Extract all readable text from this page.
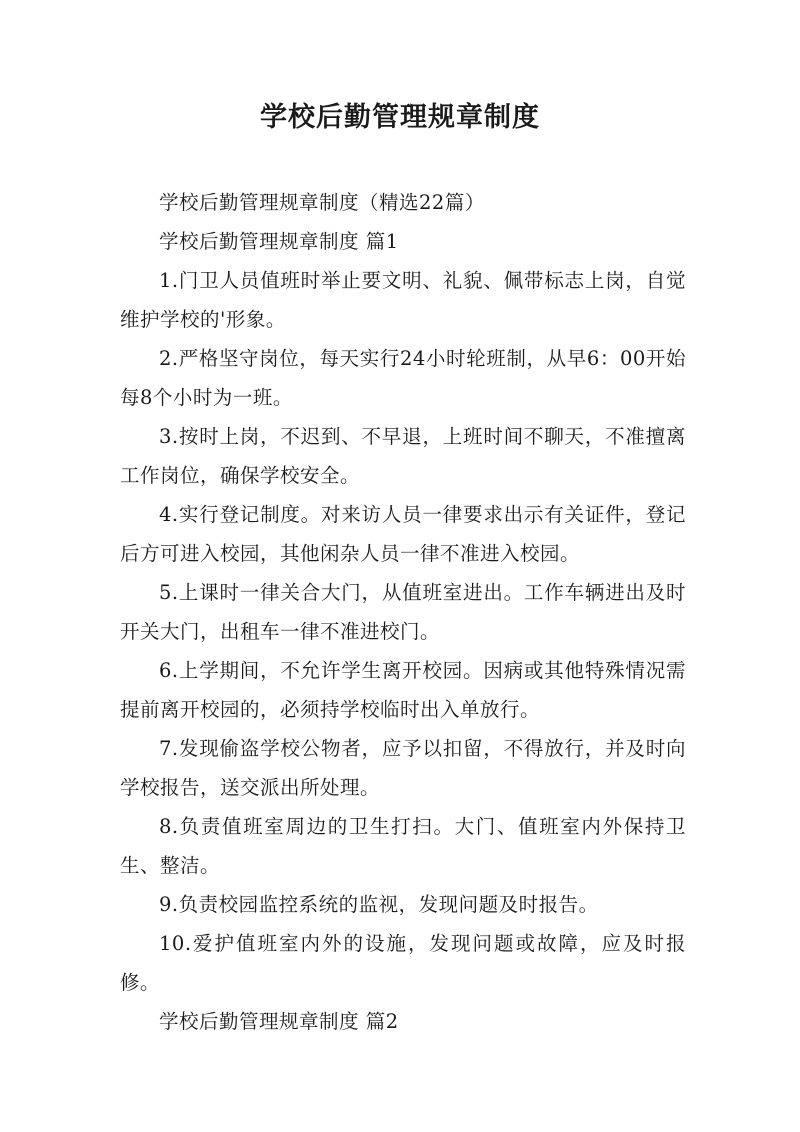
学校后勤管理规章制度

学校后勤管理规章制度（精选22篇）

学校后勤管理规章制度 篇1

1.门卫人员值班时举止要文明、礼貌、佩带标志上岗，自觉维护学校的'形象。

2.严格坚守岗位，每天实行24小时轮班制，从早6：00开始每8个小时为一班。

3.按时上岗，不迟到、不早退，上班时间不聊天，不准擅离工作岗位，确保学校安全。

4.实行登记制度。对来访人员一律要求出示有关证件，登记后方可进入校园，其他闲杂人员一律不准进入校园。

5.上课时一律关合大门，从值班室进出。工作车辆进出及时开关大门，出租车一律不准进校门。

6.上学期间，不允许学生离开校园。因病或其他特殊情况需提前离开校园的，必须持学校临时出入单放行。

7.发现偷盗学校公物者，应予以扣留，不得放行，并及时向学校报告，送交派出所处理。

8.负责值班室周边的卫生打扫。大门、值班室内外保持卫生、整洁。

9.负责校园监控系统的监视，发现问题及时报告。

10.爱护值班室内外的设施，发现问题或故障，应及时报修。

学校后勤管理规章制度 篇2
